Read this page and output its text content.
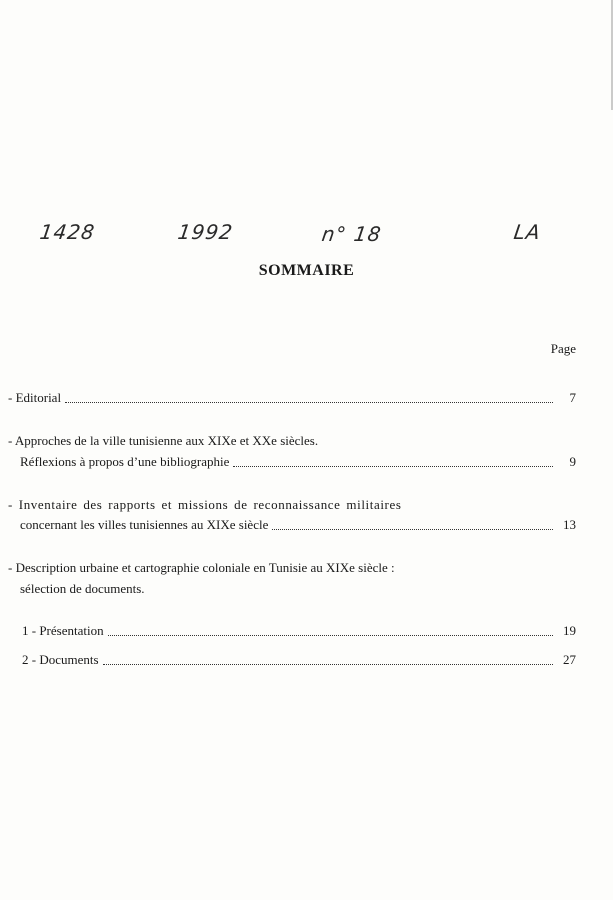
1428	1992	n° 18	LA
SOMMAIRE
Page
- Editorial	7
- Approches de la ville tunisienne aux XIXe et XXe siècles.
Réflexions à propos d’une bibliographie	9
- Inventaire des rapports et missions de reconnaissance militaires
concernant les villes tunisiennes au XIXe siècle	13
- Description urbaine et cartographie coloniale en Tunisie au XIXe siècle :
sélection de documents.
1 - Présentation	19
2 - Documents	27
